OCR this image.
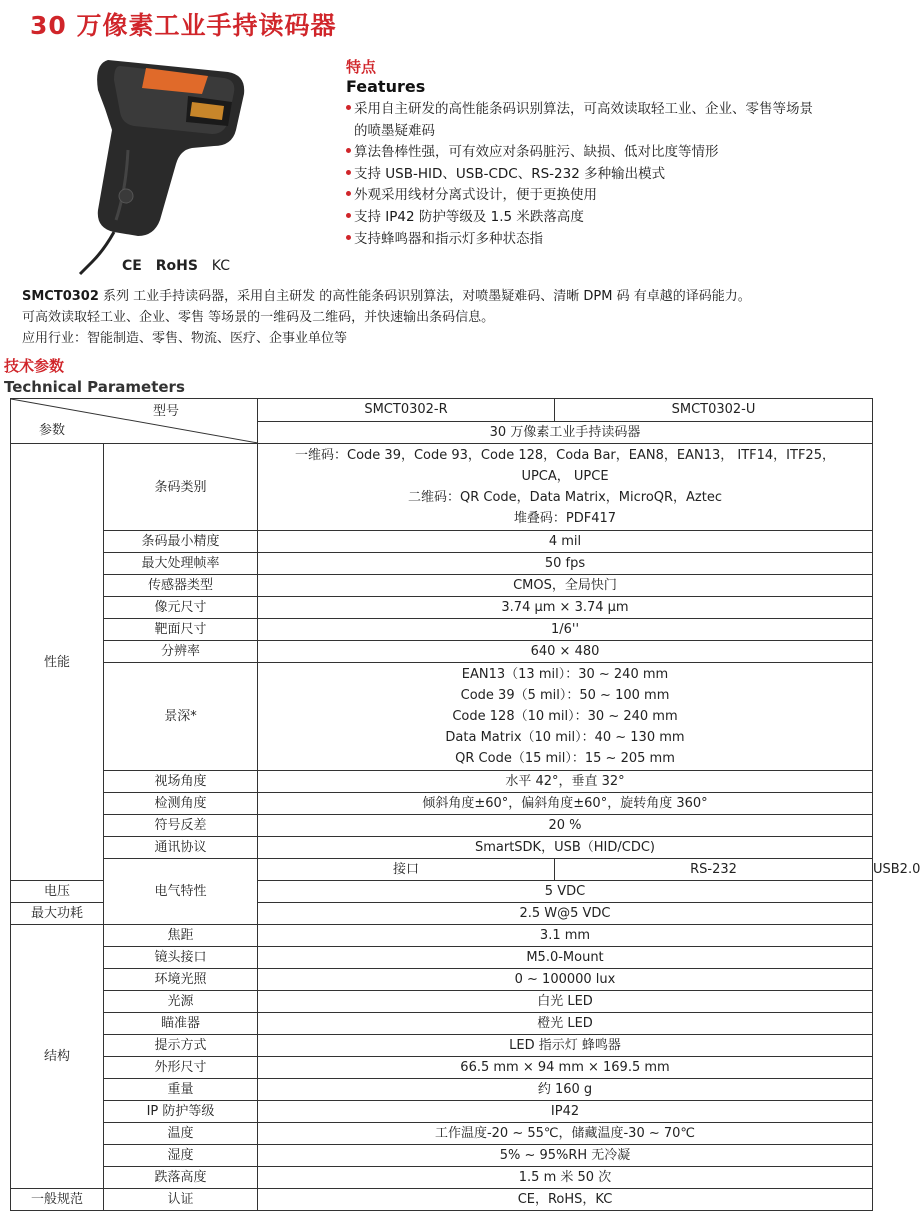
30 万像素工业手持读码器
CE RoHS KC
特点
Features
采用自主研发的高性能条码识别算法，可高效读取轻工业、企业、零售等场景的喷墨疑难码
算法鲁棒性强，可有效应对条码脏污、缺损、低对比度等情形
支持 USB-HID、USB-CDC、RS-232 多种输出模式
外观采用线材分离式设计，便于更换使用
支持 IP42 防护等级及 1.5 米跌落高度
支持蜂鸣器和指示灯多种状态指
SMCT0302 系列 工业手持读码器，采用自主研发 的高性能条码识别算法，对喷墨疑难码、清晰 DPM 码 有卓越的译码能力。
可高效读取轻工业、企业、零售 等场景的一维码及二维码，并快速输出条码信息。
应用行业：智能制造、零售、物流、医疗、企事业单位等
技术参数
Technical Parameters
型号
参数		SMCT0302-R	SMCT0302-U	
		30 万像素工业手持读码器		
性能	条码类别	一维码：Code 39，Code 93，Code 128，Coda Bar，EAN8，EAN13， ITF14，ITF25，
UPCA， UPCE
二维码：QR Code，Data Matrix，MicroQR，Aztec
堆叠码：PDF417		

	条码最小精度	4 mil		
	最大处理帧率	50 fps		
	传感器类型	CMOS，全局快门		
	像元尺寸	3.74 µm × 3.74 µm		
	靶面尺寸	1/6''		
	分辨率	640 × 480		
	景深*	EAN13（13 mil）：30 ~ 240 mm
Code 39（5 mil）：50 ~ 100 mm
Code 128（10 mil）：30 ~ 240 mm
Data Matrix（10 mil）：40 ~ 130 mm
QR Code（15 mil）：15 ~ 205 mm		

	视场角度	水平 42°，垂直 32°		
	检测角度	倾斜角度±60°，偏斜角度±60°，旋转角度 360°		
	符号反差	20 %		
	通讯协议	SmartSDK，USB（HID/CDC)		
	电气特性	接口	RS-232	USB2.0
电压		5 VDC		
最大功耗		2.5 W@5 VDC		
结构	焦距	3.1 mm		
	镜头接口	M5.0-Mount		
	环境光照	0 ~ 100000 lux		
	光源	白光 LED		
	瞄准器	橙光 LED		
	提示方式	LED 指示灯 蜂鸣器		
	外形尺寸	66.5 mm × 94 mm × 169.5 mm		
	重量	约 160 g		
	IP 防护等级	IP42		
	温度	工作温度-20 ~ 55℃，储藏温度-30 ~ 70℃		
	湿度	5% ~ 95%RH 无冷凝		
	跌落高度	1.5 m 米 50 次		
一般规范	认证	CE，RoHS，KC		
